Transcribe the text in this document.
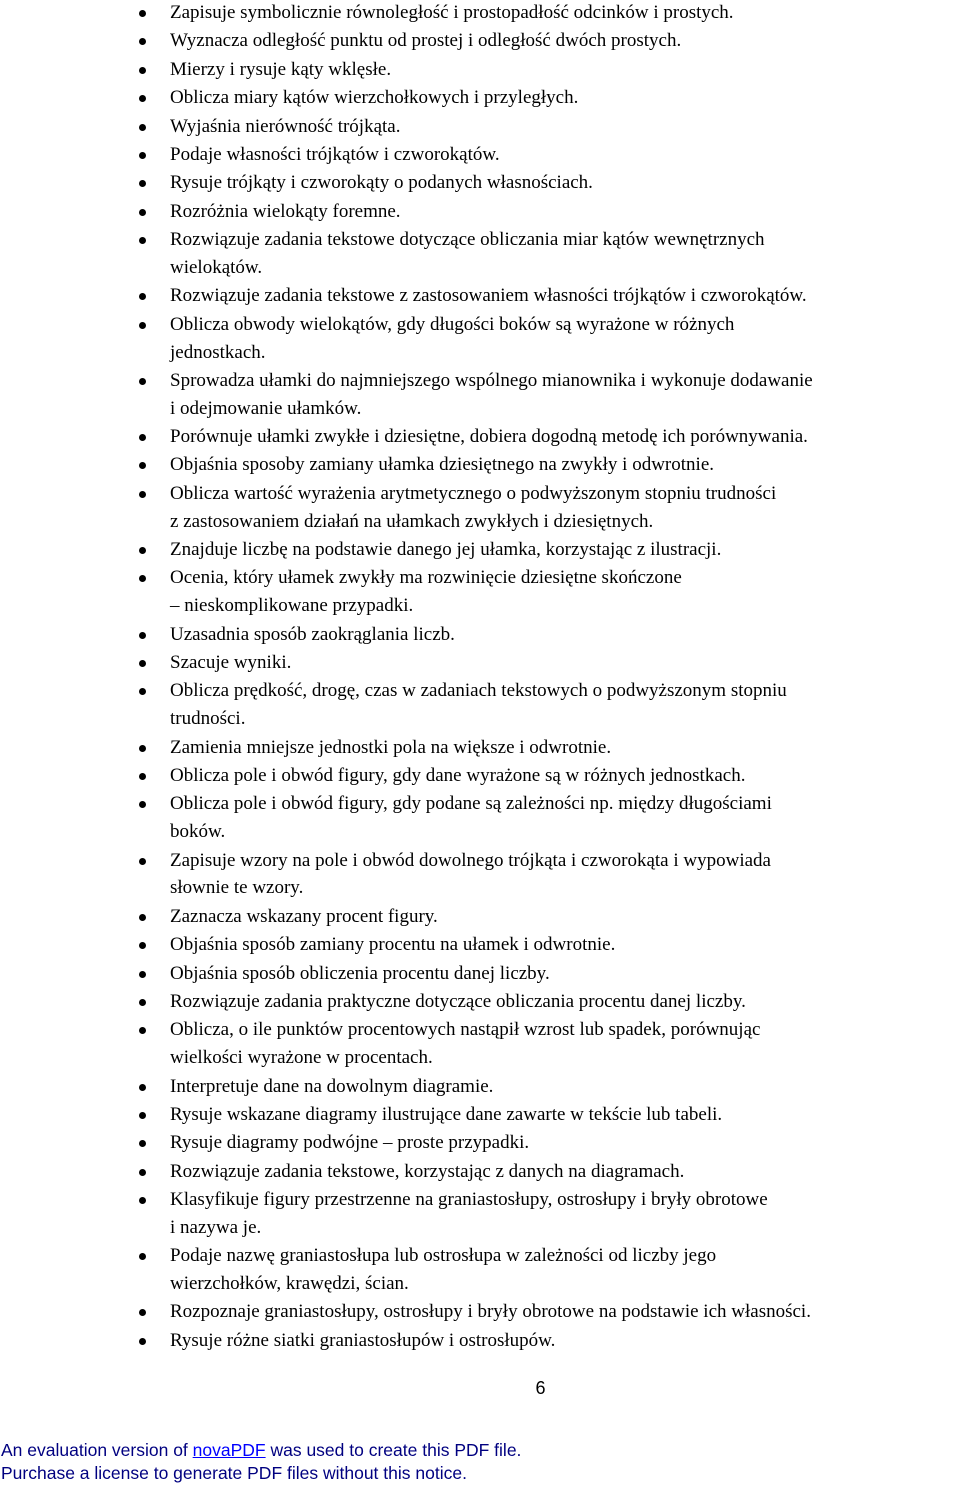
Zapisuje symbolicznie równoległość i prostopadłość odcinków i prostych.
Wyznacza odległość punktu od prostej i odległość dwóch prostych.
Mierzy i rysuje kąty wklęsłe.
Oblicza miary kątów wierzchołkowych i przyległych.
Wyjaśnia nierówność trójkąta.
Podaje własności trójkątów i czworokątów.
Rysuje trójkąty i czworokąty o podanych własnościach.
Rozróżnia wielokąty foremne.
Rozwiązuje zadania tekstowe dotyczące obliczania miar kątów wewnętrznych
wielokątów.
Rozwiązuje zadania tekstowe z zastosowaniem własności trójkątów i czworokątów.
Oblicza obwody wielokątów, gdy długości boków są wyrażone w różnych
jednostkach.
Sprowadza ułamki do najmniejszego wspólnego mianownika i wykonuje dodawanie
i odejmowanie ułamków.
Porównuje ułamki zwykłe i dziesiętne, dobiera dogodną metodę ich porównywania.
Objaśnia sposoby zamiany ułamka dziesiętnego na zwykły i odwrotnie.
Oblicza wartość wyrażenia arytmetycznego o podwyższonym stopniu trudności
z zastosowaniem działań na ułamkach zwykłych i dziesiętnych.
Znajduje liczbę na podstawie danego jej ułamka, korzystając z ilustracji.
Ocenia, który ułamek zwykły ma rozwinięcie dziesiętne skończone
– nieskomplikowane przypadki.
Uzasadnia sposób zaokrąglania liczb.
Szacuje wyniki.
Oblicza prędkość, drogę, czas w zadaniach tekstowych o podwyższonym stopniu
trudności.
Zamienia mniejsze jednostki pola na większe i odwrotnie.
Oblicza pole i obwód figury, gdy dane wyrażone są w różnych jednostkach.
Oblicza pole i obwód figury, gdy podane są zależności np. między długościami
boków.
Zapisuje wzory na pole i obwód dowolnego trójkąta i czworokąta i wypowiada
słownie te wzory.
Zaznacza wskazany procent figury.
Objaśnia sposób zamiany procentu na ułamek i odwrotnie.
Objaśnia sposób obliczenia procentu danej liczby.
Rozwiązuje zadania praktyczne dotyczące obliczania procentu danej liczby.
Oblicza, o ile punktów procentowych nastąpił wzrost lub spadek, porównując
wielkości wyrażone w procentach.
Interpretuje dane na dowolnym diagramie.
Rysuje wskazane diagramy ilustrujące dane zawarte w tekście lub tabeli.
Rysuje diagramy podwójne – proste przypadki.
Rozwiązuje zadania tekstowe, korzystając z danych na diagramach.
Klasyfikuje figury przestrzenne na graniastosłupy, ostrosłupy i bryły obrotowe
i nazywa je.
Podaje nazwę graniastosłupa lub ostrosłupa w zależności od liczby jego
wierzchołków, krawędzi, ścian.
Rozpoznaje graniastosłupy, ostrosłupy i bryły obrotowe na podstawie ich własności.
Rysuje różne siatki graniastosłupów i ostrosłupów.
6
An evaluation version of novaPDF was used to create this PDF file.
Purchase a license to generate PDF files without this notice.
